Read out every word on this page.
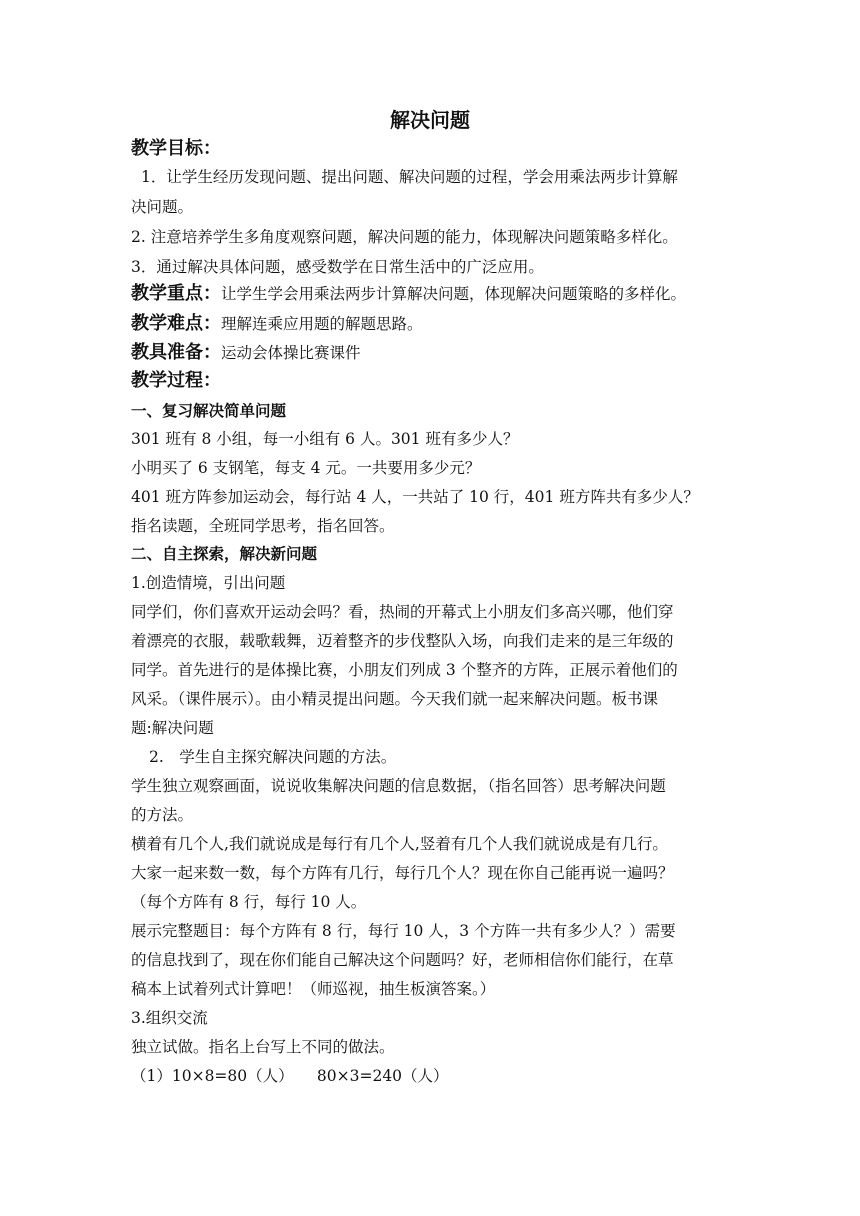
解决问题
教学目标：
1．让学生经历发现问题、提出问题、解决问题的过程，学会用乘法两步计算解
决问题。
2. 注意培养学生多角度观察问题，解决问题的能力，体现解决问题策略多样化。
3．通过解决具体问题，感受数学在日常生活中的广泛应用。
教学重点：让学生学会用乘法两步计算解决问题，体现解决问题策略的多样化。
教学难点：理解连乘应用题的解题思路。
教具准备：运动会体操比赛课件
教学过程：
一、复习解决简单问题
301 班有 8 小组，每一小组有 6 人。301 班有多少人？
小明买了 6 支钢笔，每支 4 元。一共要用多少元？
401 班方阵参加运动会，每行站 4 人，一共站了 10 行，401 班方阵共有多少人？
指名读题，全班同学思考，指名回答。
二、自主探索，解决新问题
1.创造情境，引出问题
同学们，你们喜欢开运动会吗？看，热闹的开幕式上小朋友们多高兴哪，他们穿
着漂亮的衣服，载歌载舞，迈着整齐的步伐整队入场，向我们走来的是三年级的
同学。首先进行的是体操比赛，小朋友们列成 3 个整齐的方阵，正展示着他们的
风采。（课件展示）。由小精灵提出问题。今天我们就一起来解决问题。板书课
题:解决问题
2.　学生自主探究解决问题的方法。
学生独立观察画面，说说收集解决问题的信息数据，（指名回答）思考解决问题
的方法。
横着有几个人,我们就说成是每行有几个人,竖着有几个人我们就说成是有几行。
大家一起来数一数，每个方阵有几行，每行几个人？现在你自己能再说一遍吗？
（每个方阵有 8 行，每行 10 人。
展示完整题目：每个方阵有 8 行，每行 10 人，3 个方阵一共有多少人？）需要
的信息找到了，现在你们能自己解决这个问题吗？好，老师相信你们能行，在草
稿本上试着列式计算吧！（师巡视，抽生板演答案。）
3.组织交流
独立试做。指名上台写上不同的做法。
（1）10×8=80（人）　　80×3=240（人）
